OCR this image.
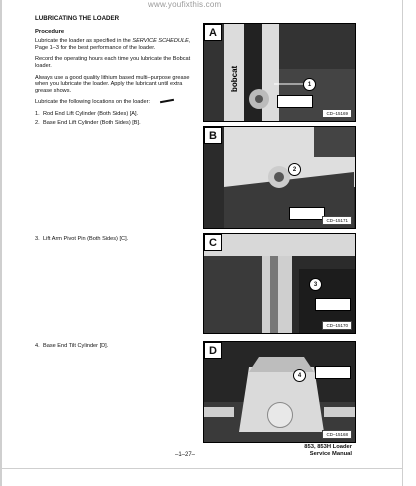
www.youfixthis.com
LUBRICATING THE LOADER
Procedure
Lubricate the loader as specified in the SERVICE SCHEDULE, Page 1–3 for the best performance of the loader.
Record the operating hours each time you lubricate the Bobcat loader.
Always use a good quality lithium based multi–purpose grease when you lubricate the loader. Apply the lubricant until extra grease shows.
Lubricate the following locations on the loader:
1. Rod End Lift Cylinder (Both Sides) [A].
2. Base End Lift Cylinder (Both Sides) [B].
3. Lift Arm Pivot Pin (Both Sides) [C].
4. Base End Tilt Cylinder [D].
bobcat
A
1
CD–15169
B
2
CD–15171
C
3
CD–15170
D
4
CD–15168
853, 853H Loader
Service Manual
–1–27–
